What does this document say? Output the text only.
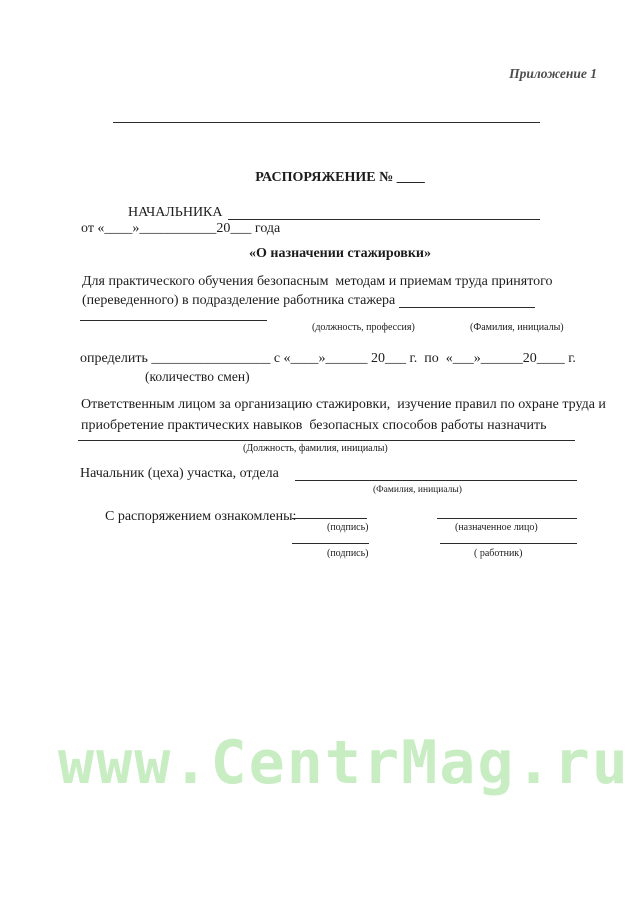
Приложение 1
РАСПОРЯЖЕНИЕ № ____
НАЧАЛЬНИКА
от «____»___________20___ года
«О назначении стажировки»
Для практического обучения безопасным  методам и приемам труда принятого
(переведенного) в подразделение работника стажера
(должность, профессия)	(Фамилия, инициалы)
определить _________________ с «____»______ 20___ г.  по  «___»______20____ г.
(количество смен)
Ответственным лицом за организацию стажировки,  изучение правил по охране труда и
приобретение практических навыков  безопасных способов работы назначить
(Должность, фамилия, инициалы)
Начальник (цеха) участка, отдела
(Фамилия, инициалы)
С распоряжением ознакомлены:
(подпись)	(назначенное лицо)
(подпись)	( работник)
www.CentrMag.ru
